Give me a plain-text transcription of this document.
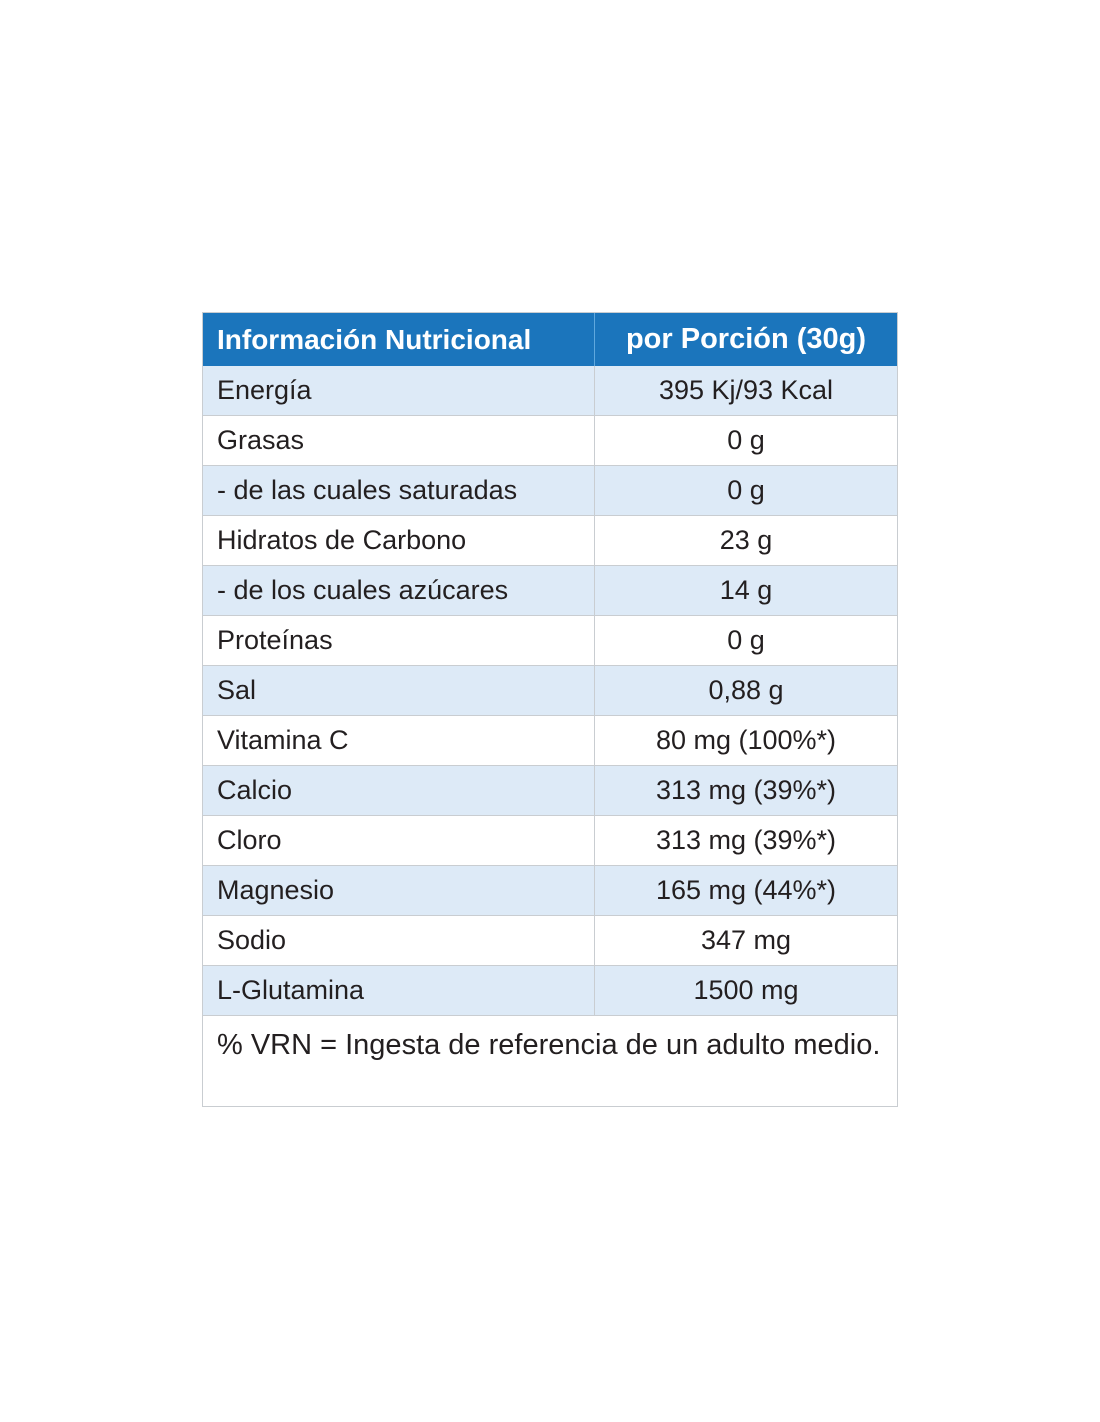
Información Nutricional	por Porción (30g)
Energía	395 Kj/93 Kcal
Grasas	0 g
- de las cuales saturadas	0 g
Hidratos de Carbono	23 g
- de los cuales azúcares	14 g
Proteínas	0 g
Sal	0,88 g
Vitamina C	80 mg (100%*)
Calcio	313 mg (39%*)
Cloro	313 mg (39%*)
Magnesio	165 mg (44%*)
Sodio	347 mg
L-Glutamina	1500 mg
% VRN = Ingesta de referencia de un adulto medio.
